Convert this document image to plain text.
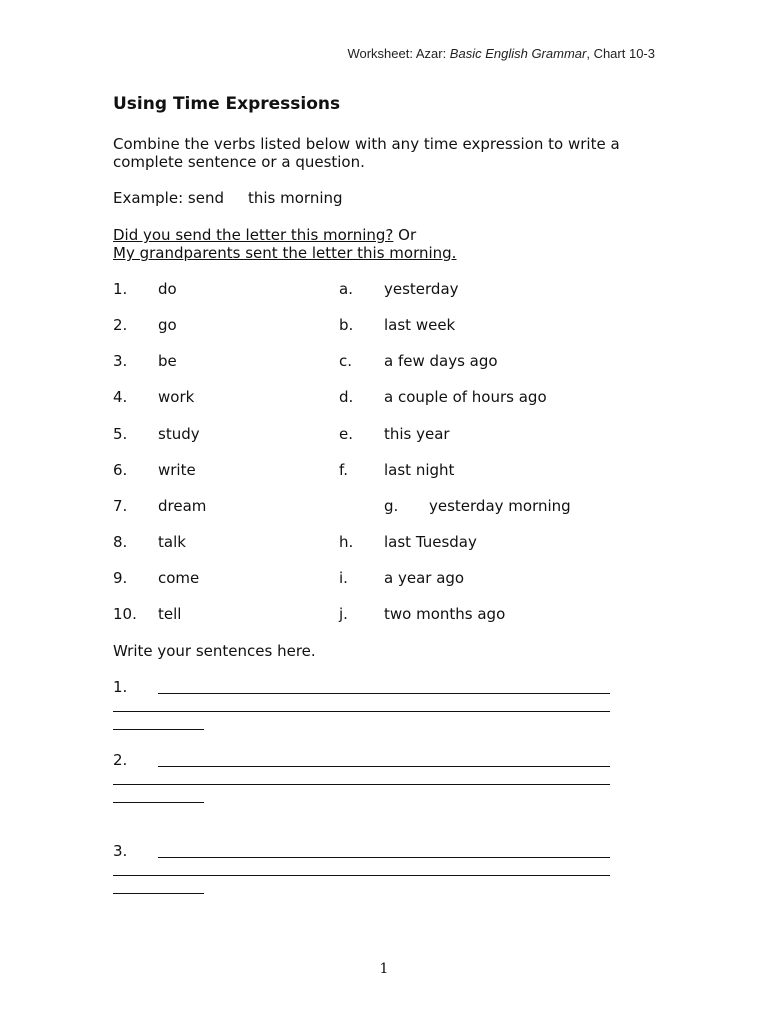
Worksheet: Azar: Basic English Grammar, Chart 10-3
Using Time Expressions
Combine the verbs listed below with any time expression to write a
complete sentence or a question.
Example: send this morning
Did you send the letter this morning? Or
My grandparents sent the letter this morning.
1. do
2. go
3. be
4. work
5. study
6. write
7. dream
8. talk
9. come
10. tell
a. yesterday
b. last week
c. a few days ago
d. a couple of hours ago
e. this year
f. last night
g. yesterday morning
h. last Tuesday
i. a year ago
j. two months ago
Write your sentences here.
1.
2.
3.
1
